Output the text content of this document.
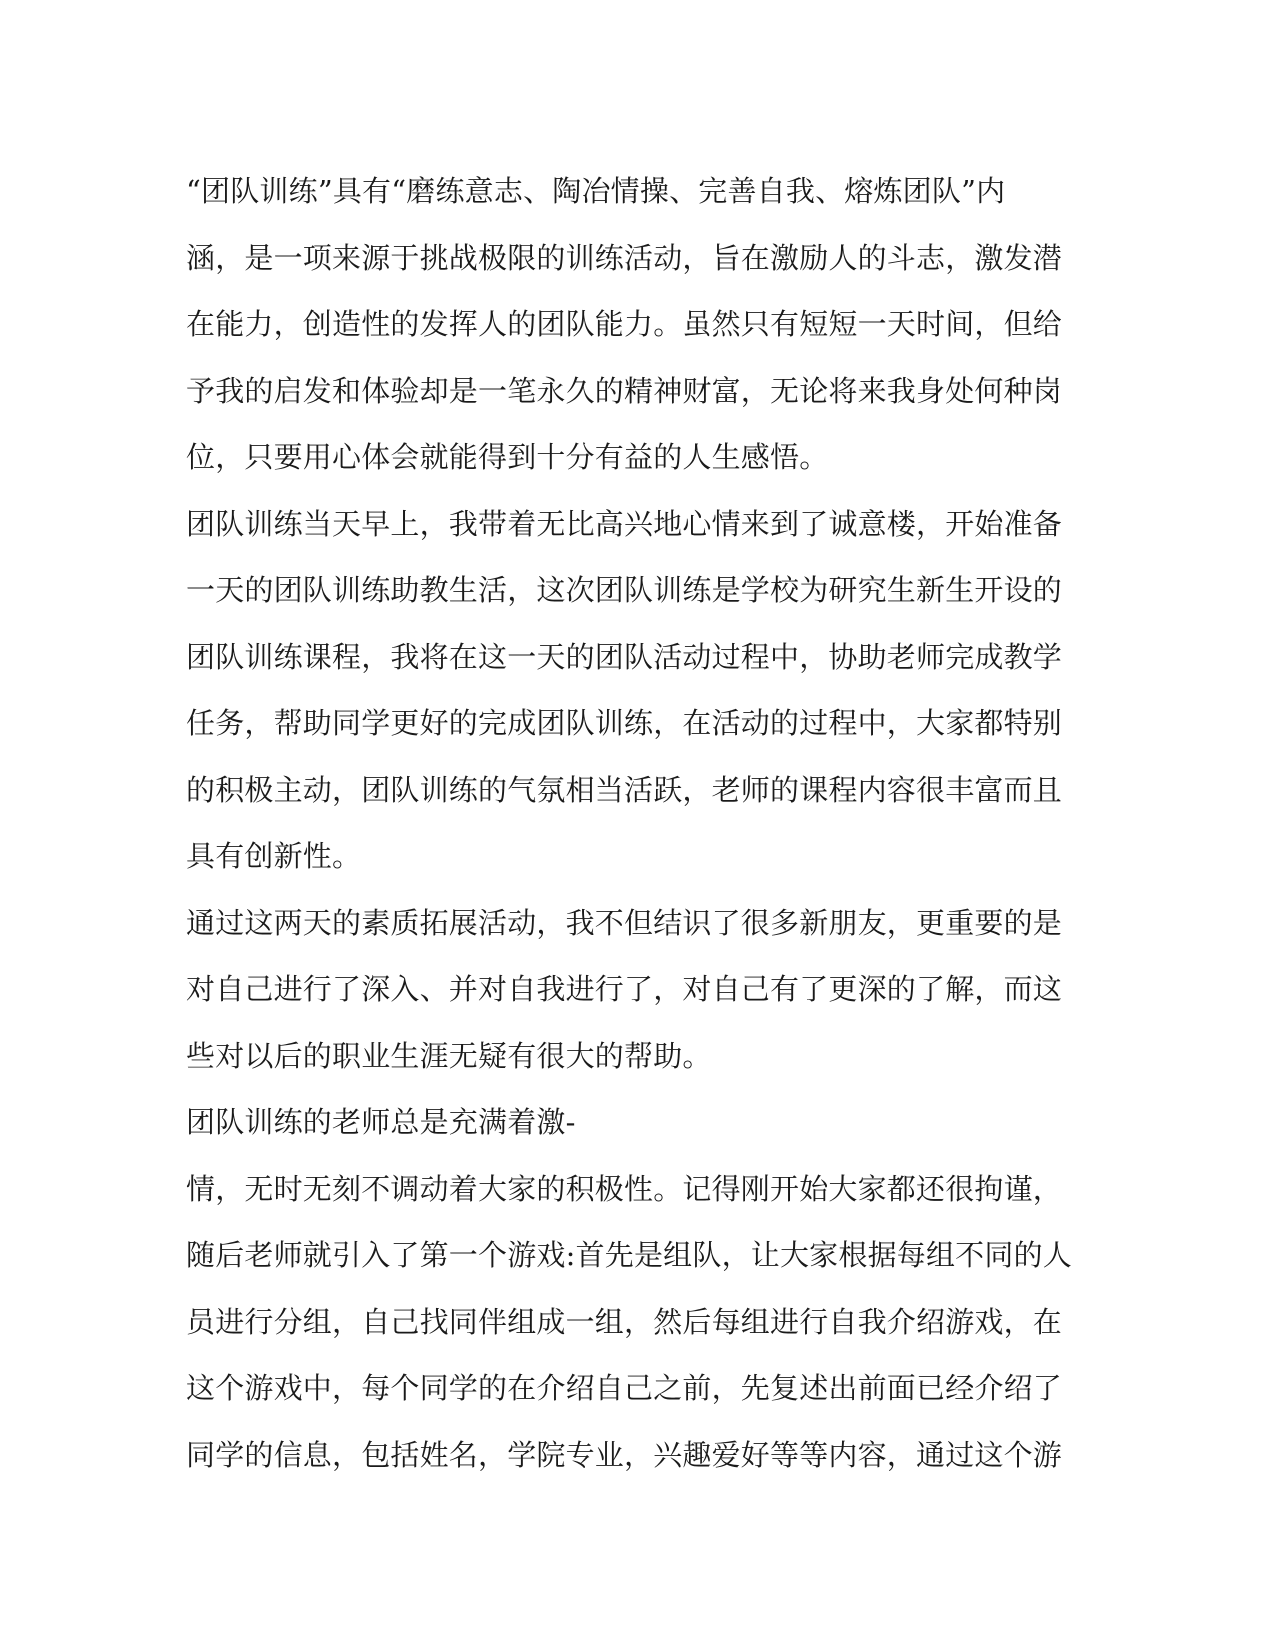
“团队训练”具有“磨练意志、陶冶情操、完善自我、熔炼团队”内
涵，是一项来源于挑战极限的训练活动，旨在激励人的斗志，激发潜
在能力，创造性的发挥人的团队能力。虽然只有短短一天时间，但给
予我的启发和体验却是一笔永久的精神财富，无论将来我身处何种岗
位，只要用心体会就能得到十分有益的人生感悟。
团队训练当天早上，我带着无比高兴地心情来到了诚意楼，开始准备
一天的团队训练助教生活，这次团队训练是学校为研究生新生开设的
团队训练课程，我将在这一天的团队活动过程中，协助老师完成教学
任务，帮助同学更好的完成团队训练，在活动的过程中，大家都特别
的积极主动，团队训练的气氛相当活跃，老师的课程内容很丰富而且
具有创新性。
通过这两天的素质拓展活动，我不但结识了很多新朋友，更重要的是
对自己进行了深入、并对自我进行了，对自己有了更深的了解，而这
些对以后的职业生涯无疑有很大的帮助。
团队训练的老师总是充满着激-
情，无时无刻不调动着大家的积极性。记得刚开始大家都还很拘谨，
随后老师就引入了第一个游戏:首先是组队，让大家根据每组不同的人
员进行分组，自己找同伴组成一组，然后每组进行自我介绍游戏，在
这个游戏中，每个同学的在介绍自己之前，先复述出前面已经介绍了
同学的信息，包括姓名，学院专业，兴趣爱好等等内容，通过这个游
